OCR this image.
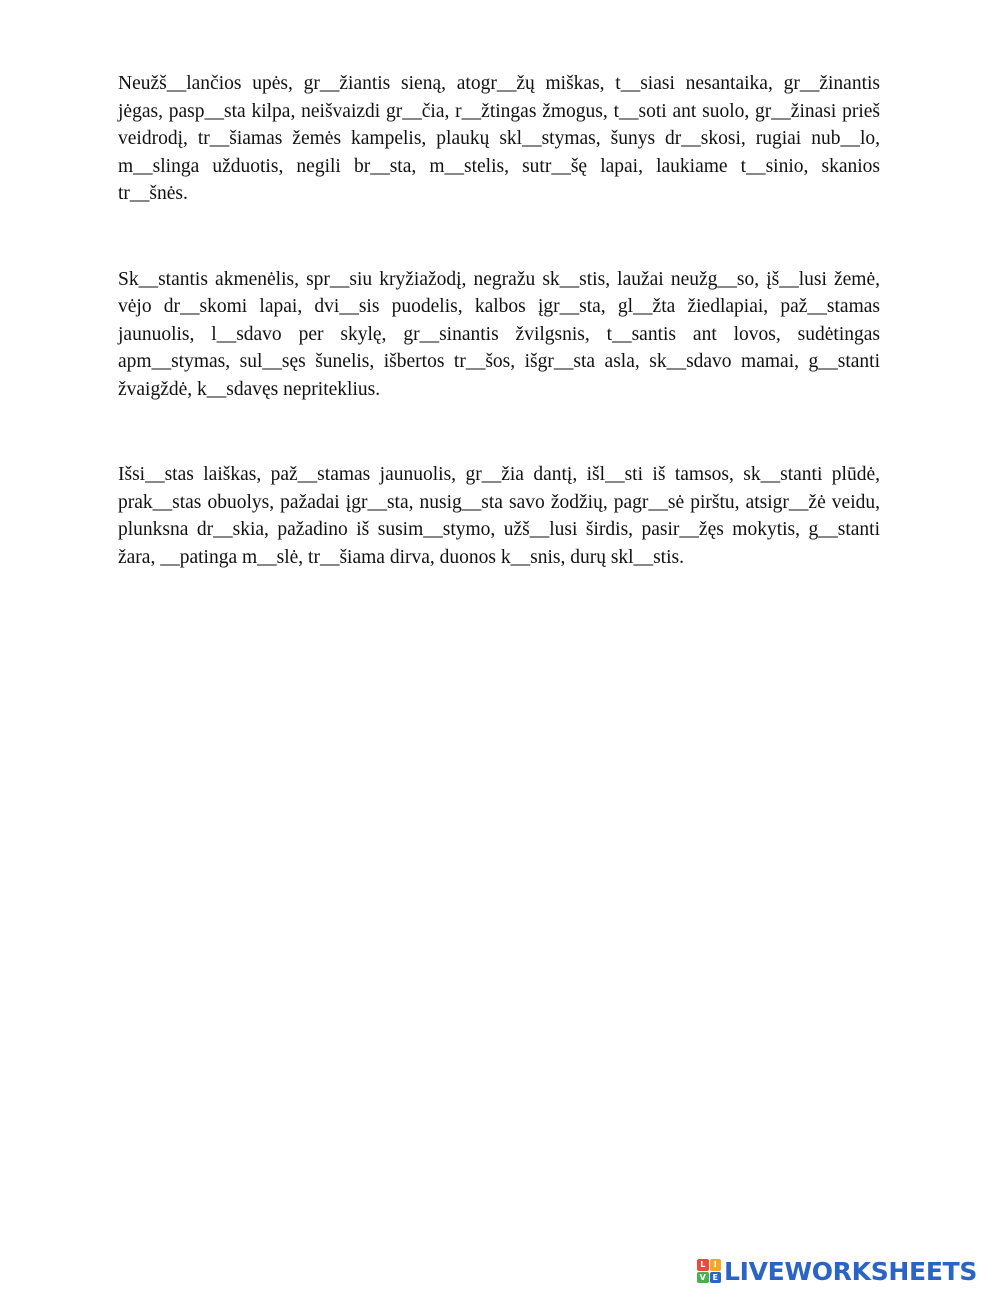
Neužš__lančios upės, gr__žiantis sieną, atogr__žų miškas, t__siasi nesantaika, gr__žinantis jėgas, pasp__sta kilpa, neišvaizdi gr__čia, r__žtingas žmogus, t__soti ant suolo, gr__žinasi prieš veidrodį, tr__šiamas žemės kampelis, plaukų skl__stymas, šunys dr__skosi, rugiai nub__lo, m__slinga užduotis, negili br__sta, m__stelis, sutr__šę lapai, laukiame t__sinio, skanios tr__šnės.

Sk__stantis akmenėlis, spr__siu kryžiažodį, negražu sk__stis, laužai neužg__so, įš__lusi žemė, vėjo dr__skomi lapai, dvi__sis puodelis, kalbos įgr__sta, gl__žta žiedlapiai, paž__stamas jaunuolis, l__sdavo per skylę, gr__sinantis žvilgsnis, t__santis ant lovos, sudėtingas apm__stymas, sul__sęs šunelis, išbertos tr__šos, išgr__sta asla, sk__sdavo mamai, g__stanti žvaigždė, k__sdavęs nepriteklius.

Išsi__stas laiškas, paž__stamas jaunuolis, gr__žia dantį, išl__sti iš tamsos, sk__stanti plūdė, prak__stas obuolys, pažadai įgr__sta, nusig__sta savo žodžių, pagr__sė pirštu, atsigr__žė veidu, plunksna dr__skia, pažadino iš susim__stymo, užš__lusi širdis, pasir__žęs mokytis, g__stanti žara, __patinga m__slė, tr__šiama dirva, duonos k__snis, durų skl__stis.

L	I
V E LIVEWORKSHEETS
